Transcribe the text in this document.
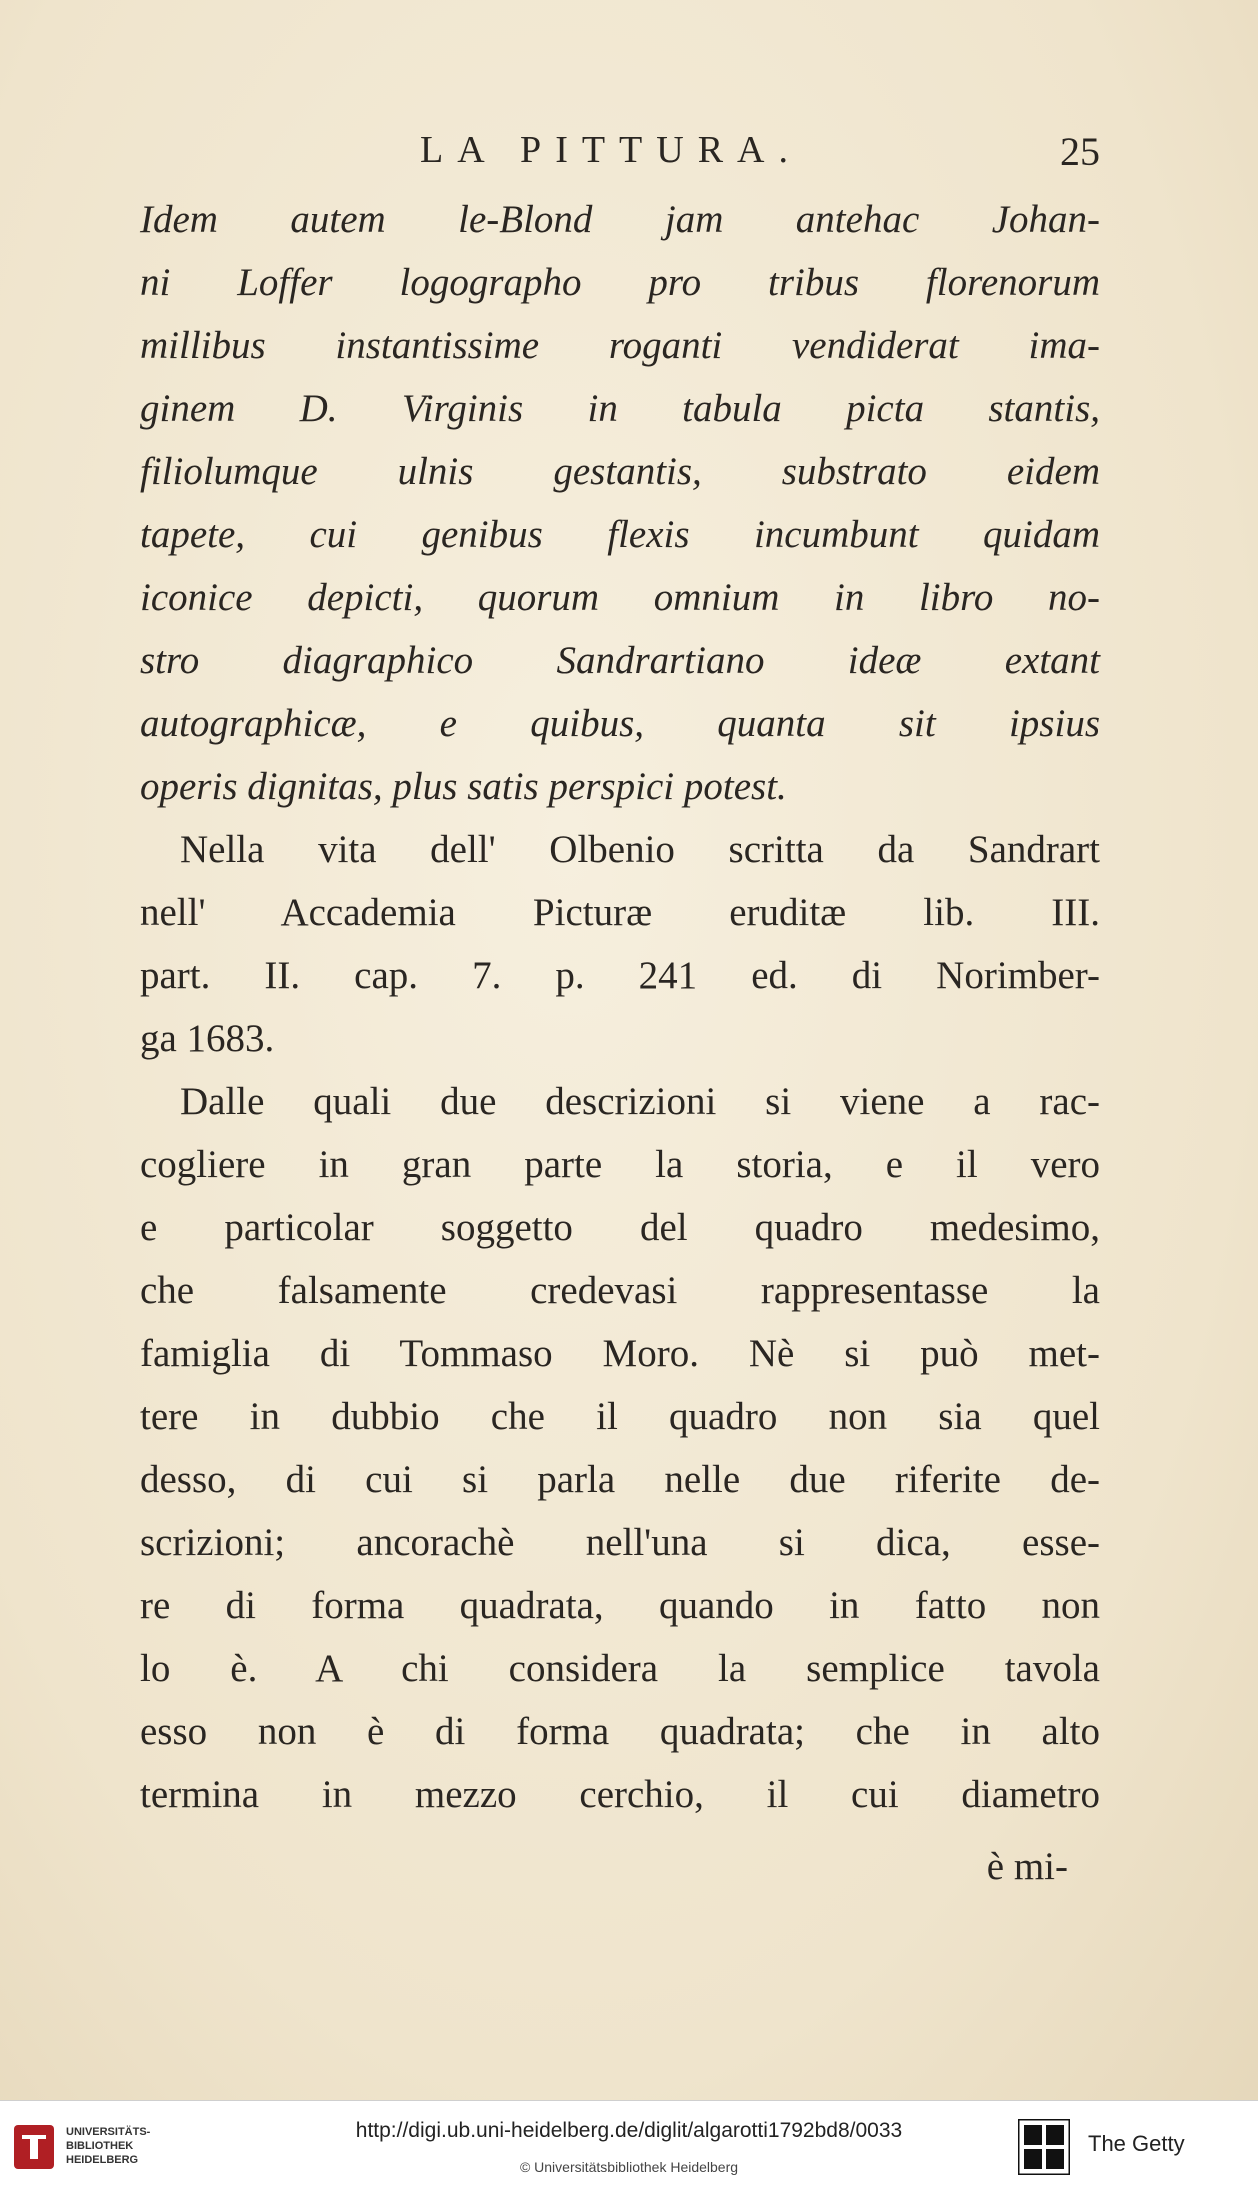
LA PITTURA.	25
Idem autem le-Blond jam antehac Johan-
ni Loffer logographo pro tribus florenorum
millibus instantissime roganti vendiderat ima-
ginem D. Virginis in tabula picta stantis,
filiolumque ulnis gestantis, substrato eidem
tapete, cui genibus flexis incumbunt quidam
iconice depicti, quorum omnium in libro no-
stro diagraphico Sandrartiano ideæ extant
autographicæ, e quibus, quanta sit ipsius
operis dignitas, plus satis perspici potest.
Nella vita dell' Olbenio scritta da Sandrart
nell' Accademia Picturæ eruditæ lib. III.
part. II. cap. 7. p. 241 ed. di Norimber-
ga 1683.
Dalle quali due descrizioni si viene a rac-
cogliere in gran parte la storia, e il vero
e particolar soggetto del quadro medesimo,
che falsamente credevasi rappresentasse la
famiglia di Tommaso Moro. Nè si può met-
tere in dubbio che il quadro non sia quel
desso, di cui si parla nelle due riferite de-
scrizioni; ancorachè nell'una si dica, esse-
re di forma quadrata, quando in fatto non
lo è. A chi considera la semplice tavola
esso non è di forma quadrata; che in alto
termina in mezzo cerchio, il cui diametro
è mi-
UNIVERSITÄTS-
BIBLIOTHEK
HEIDELBERG
http://digi.ub.uni-heidelberg.de/diglit/algarotti1792bd8/0033
© Universitätsbibliothek Heidelberg
The Getty
